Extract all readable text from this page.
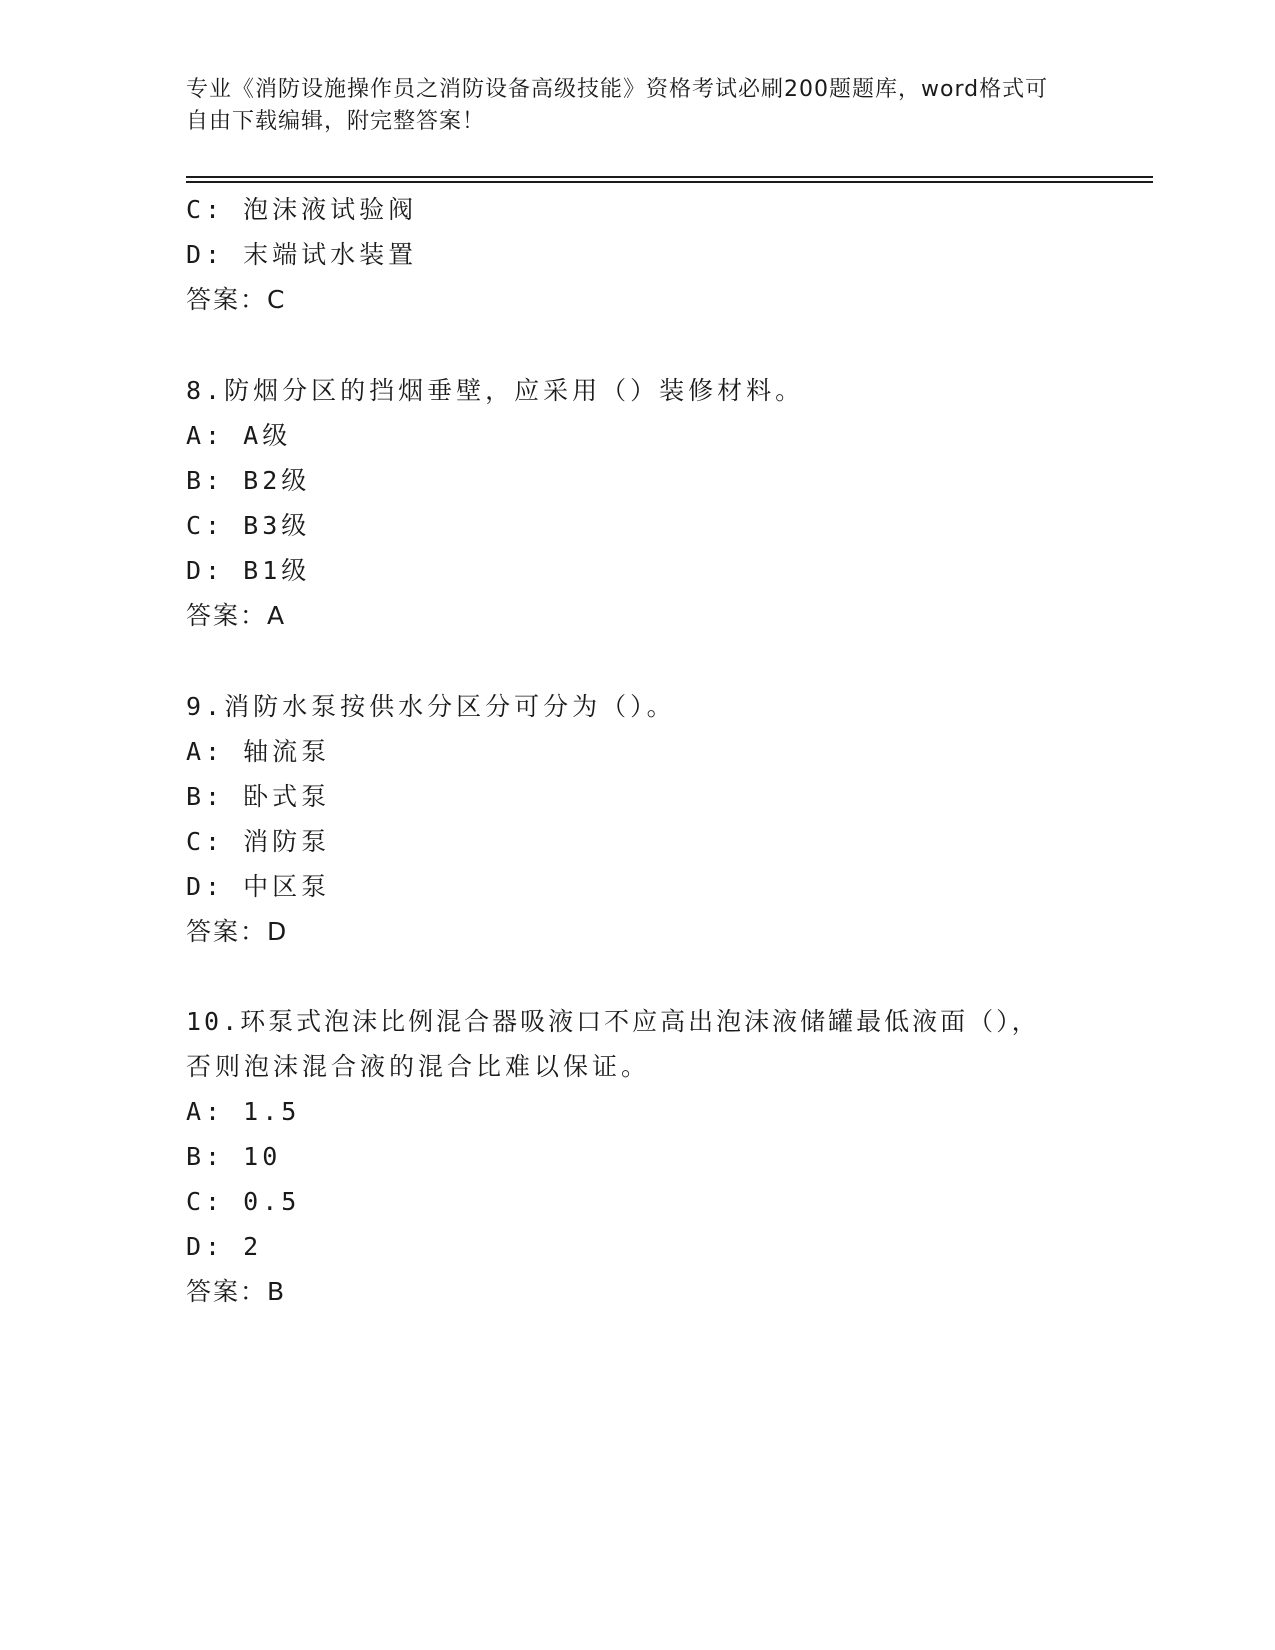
专业《消防设施操作员之消防设备高级技能》资格考试必刷200题题库，word格式可自由下载编辑，附完整答案！
C: 泡沫液试验阀
D: 末端试水装置
答案：C
8.防烟分区的挡烟垂壁，应采用（）装修材料。
A: A级
B: B2级
C: B3级
D: B1级
答案：A
9.消防水泵按供水分区分可分为（）。
A: 轴流泵
B: 卧式泵
C: 消防泵
D: 中区泵
答案：D
10.环泵式泡沫比例混合器吸液口不应高出泡沫液储罐最低液面（），
否则泡沫混合液的混合比难以保证。
A: 1.5
B: 10
C: 0.5
D: 2
答案：B
